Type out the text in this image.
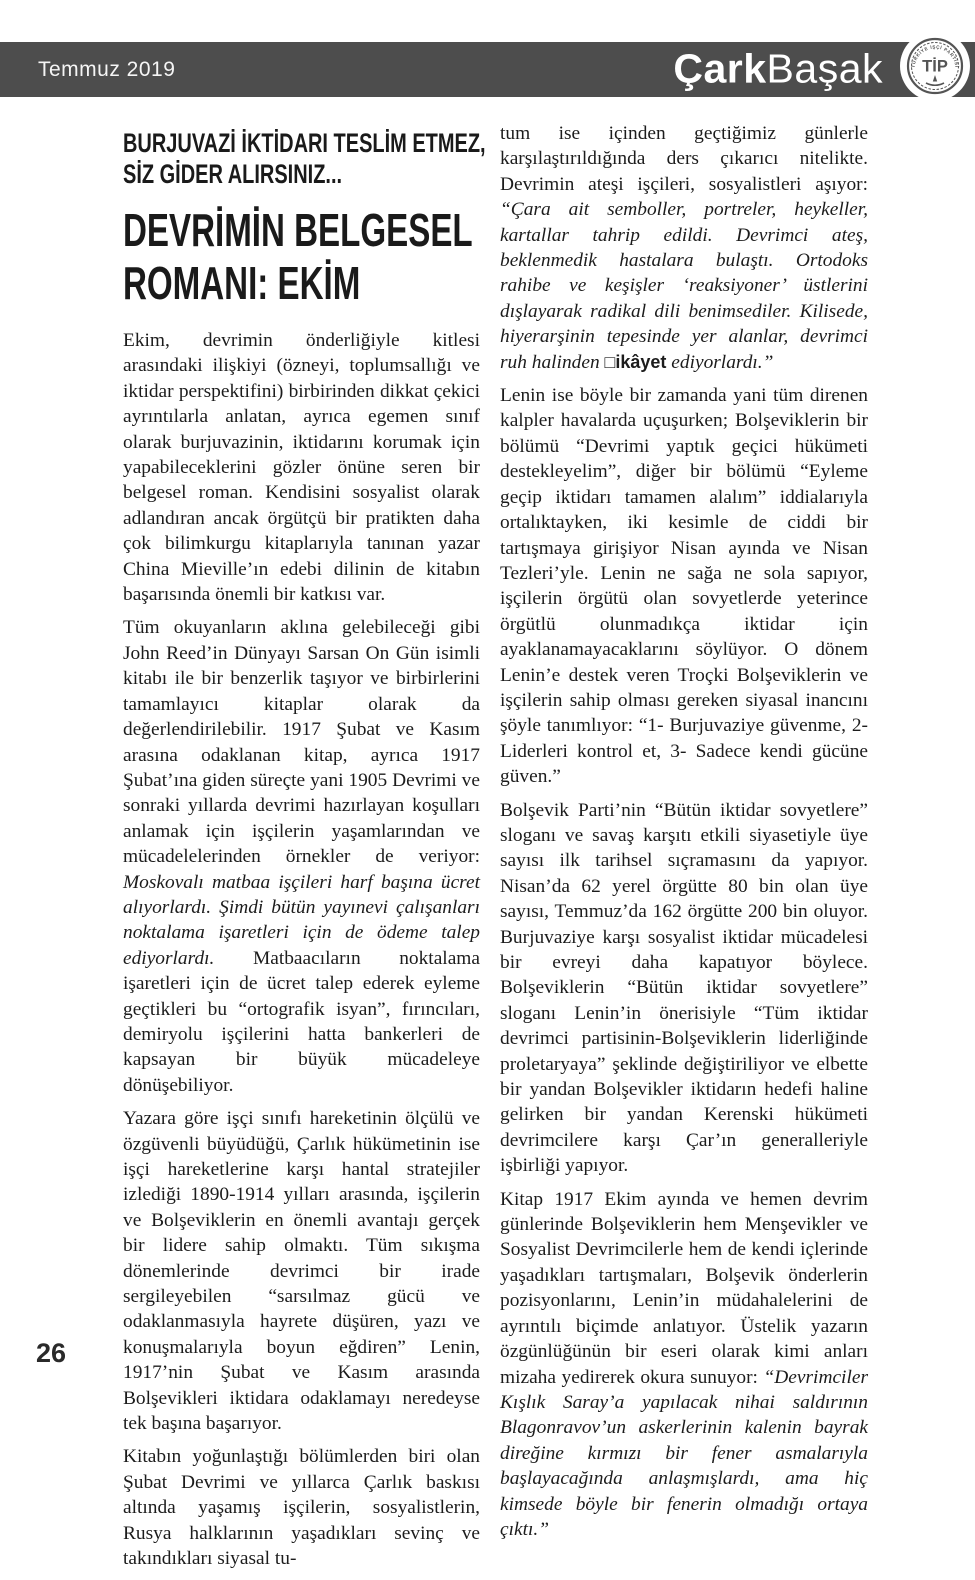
Temmuz 2019	ÇarkBaşak	TÜRKİYE İŞÇİ PARTİSİ
TİP
BURJUVAZİ İKTİDARI TESLİM ETMEZ,
SİZ GİDER ALIRSINIZ...
DEVRİMİN BELGESEL
ROMANI: EKİM

Ekim, devrimin önderliğiyle kitlesi arasındaki ilişkiyi (özneyi, toplumsallığı ve iktidar perspektifini) birbirinden dikkat çekici ayrıntılarla anlatan, ayrıca egemen sınıf olarak burjuvazinin, iktidarını korumak için yapabileceklerini gözler önüne seren bir belgesel roman. Kendisini sosyalist olarak adlandıran ancak örgütçü bir pratikten daha çok bilimkurgu kitaplarıyla tanınan yazar China Mieville’ın edebi dilinin de kitabın başarısında önemli bir katkısı var.

Tüm okuyanların aklına gelebileceği gibi John Reed’in Dünyayı Sarsan On Gün isimli kitabı ile bir benzerlik taşıyor ve birbirlerini tamamlayıcı kitaplar olarak da değerlendirilebilir. 1917 Şubat ve Kasım arasına odaklanan kitap, ayrıca 1917 Şubat’ına giden süreçte yani 1905 Devrimi ve sonraki yıllarda devrimi hazırlayan koşulları anlamak için işçilerin yaşamlarından ve mücadelelerinden örnekler de veriyor: Moskovalı matbaa işçileri harf başına ücret alıyorlardı. Şimdi bütün yayınevi çalışanları noktalama işaretleri için de ödeme talep ediyorlardı. Matbaacıların noktalama işaretleri için de ücret talep ederek eyleme geçtikleri bu “ortografik isyan”, fırıncıları, demiryolu işçilerini hatta bankerleri de kapsayan bir büyük mücadeleye dönüşebiliyor.

Yazara göre işçi sınıfı hareketinin ölçülü ve özgüvenli büyüdüğü, Çarlık hükümetinin ise işçi hareketlerine karşı hantal stratejiler izlediği 1890-1914 yılları arasında, işçilerin ve Bolşeviklerin en önemli avantajı gerçek bir lidere sahip olmaktı. Tüm sıkışma dönemlerinde devrimci bir irade sergileyebilen “sarsılmaz gücü ve odaklanmasıyla hayrete düşüren, yazı ve konuşmalarıyla boyun eğdiren” Lenin, 1917’nin Şubat ve Kasım arasında Bolşevikleri iktidara odaklamayı neredeyse tek başına başarıyor.

Kitabın yoğunlaştığı bölümlerden biri olan Şubat Devrimi ve yıllarca Çarlık baskısı altında yaşamış işçilerin, sosyalistlerin, Rusya halklarının yaşadıkları sevinç ve takındıkları siyasal tu-

tum ise içinden geçtiğimiz günlerle karşılaştırıldığında ders çıkarıcı nitelikte. Devrimin ateşi işçileri, sosyalistleri aşıyor: “Çara ait semboller, portreler, heykeller, kartallar tahrip edildi. Devrimci ateş, beklenmedik hastalara bulaştı. Ortodoks rahibe ve keşişler ‘reaksiyoner’ üstlerini dışlayarak radikal dili benimsediler. Kilisede, hiyerarşinin tepesinde yer alanlar, devrimci ruh halinden □ikâyet ediyorlardı.”

Lenin ise böyle bir zamanda yani tüm direnen kalpler havalarda uçuşurken; Bolşeviklerin bir bölümü “Devrimi yaptık geçici hükümeti destekleyelim”, diğer bir bölümü “Eyleme geçip iktidarı tamamen alalım” iddialarıyla ortalıktayken, iki kesimle de ciddi bir tartışmaya girişiyor Nisan ayında ve Nisan Tezleri’yle. Lenin ne sağa ne sola sapıyor, işçilerin örgütü olan sovyetlerde yeterince örgütlü olunmadıkça iktidar için ayaklanamayacaklarını söylüyor. O dönem Lenin’e destek veren Troçki Bolşeviklerin ve işçilerin sahip olması gereken siyasal inancını şöyle tanımlıyor: “1- Burjuvaziye güvenme, 2- Liderleri kontrol et, 3- Sadece kendi gücüne güven.”

Bolşevik Parti’nin “Bütün iktidar sovyetlere” sloganı ve savaş karşıtı etkili siyasetiyle üye sayısı ilk tarihsel sıçramasını da yapıyor. Nisan’da 62 yerel örgütte 80 bin olan üye sayısı, Temmuz’da 162 örgütte 200 bin oluyor. Burjuvaziye karşı sosyalist iktidar mücadelesi bir evreyi daha kapatıyor böylece. Bolşeviklerin “Bütün iktidar sovyetlere” sloganı Lenin’in önerisiyle “Tüm iktidar devrimci partisinin-Bolşeviklerin liderliğinde proletaryaya” şeklinde değiştiriliyor ve elbette bir yandan Bolşevikler iktidarın hedefi haline gelirken bir yandan Kerenski hükümeti devrimcilere karşı Çar’ın generalleriyle işbirliği yapıyor.

Kitap 1917 Ekim ayında ve hemen devrim günlerinde Bolşeviklerin hem Menşevikler ve Sosyalist Devrimcilerle hem de kendi içlerinde yaşadıkları tartışmaları, Bolşevik önderlerin pozisyonlarını, Lenin’in müdahalelerini de ayrıntılı biçimde anlatıyor. Üstelik yazarın özgünlüğünün bir eseri olarak kimi anları mizaha yedirerek okura sunuyor: “Devrimciler Kışlık Saray’a yapılacak nihai saldırının Blagonravov’un askerlerinin kalenin bayrak direğine kırmızı bir fener asmalarıyla başlayacağında anlaşmışlardı, ama hiç kimsede böyle bir fenerin olmadığı ortaya çıktı.”

26
